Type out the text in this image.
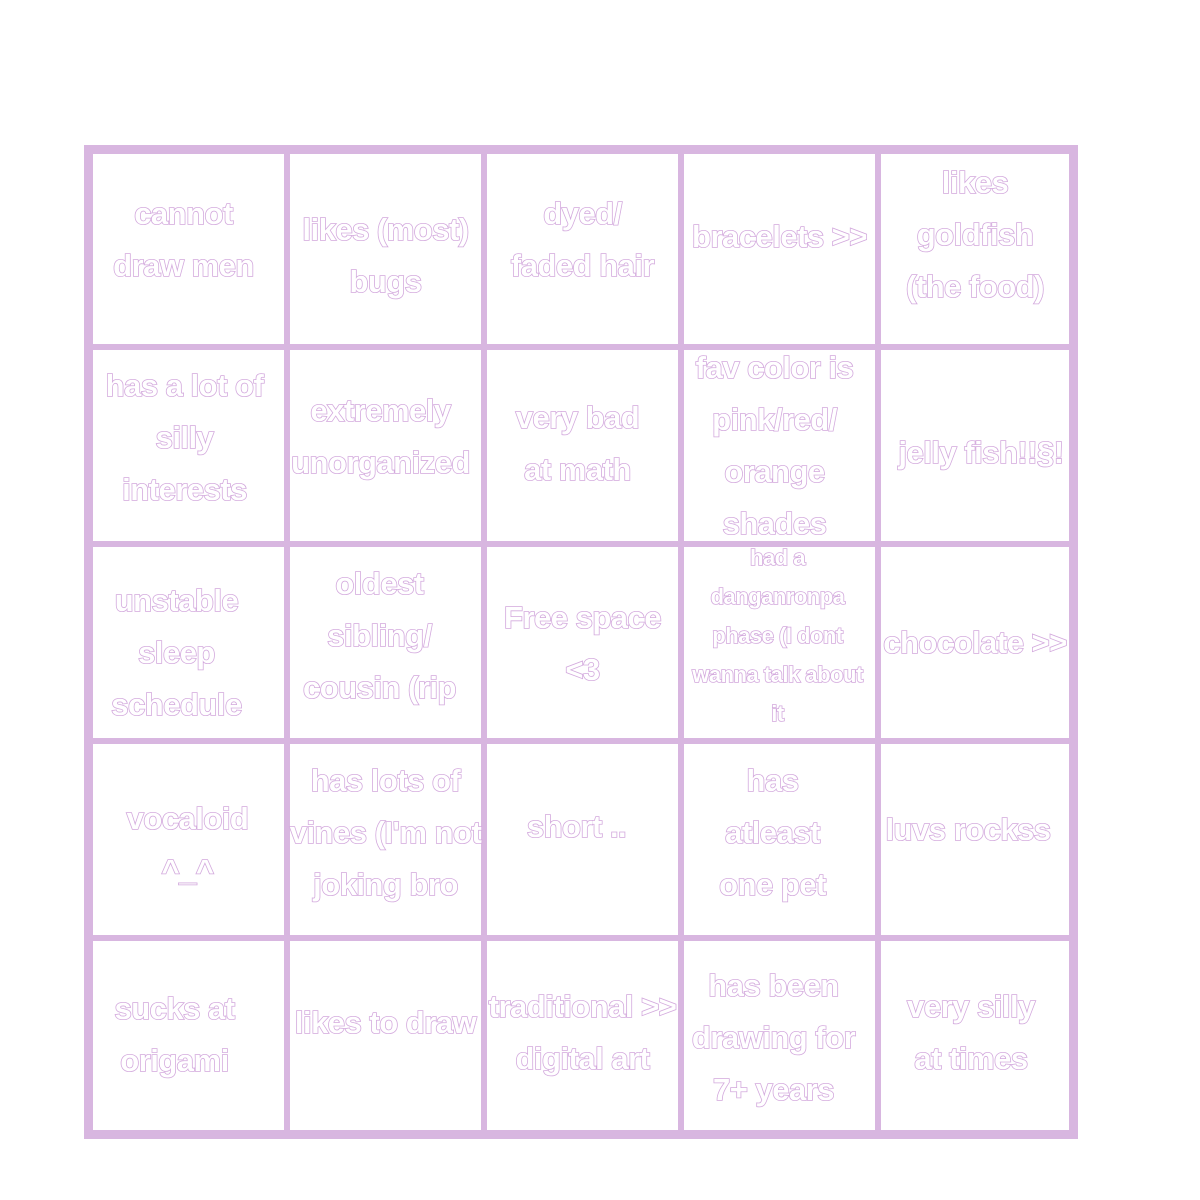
cannot
draw men
likes (most)
bugs
dyed/
faded hair
bracelets >>
likes
goldfish
(the food)
has a lot of
silly
interests
extremely
unorganized
very bad
at math
fav color is
pink/red/
orange
shades
jelly fish!!§!
unstable
sleep
schedule
oldest
sibling/
cousin (rip
Free space
<3
had a
danganronpa
phase (I dont
wanna talk about
it
chocolate >>
vocaloid
^_^
has lots of
vines (I'm not
joking bro
short ..
has
atleast
one pet
luvs rockss
sucks at
origami
likes to draw traditional >>
digital art
has been
drawing for
7+ years
very silly
at times
